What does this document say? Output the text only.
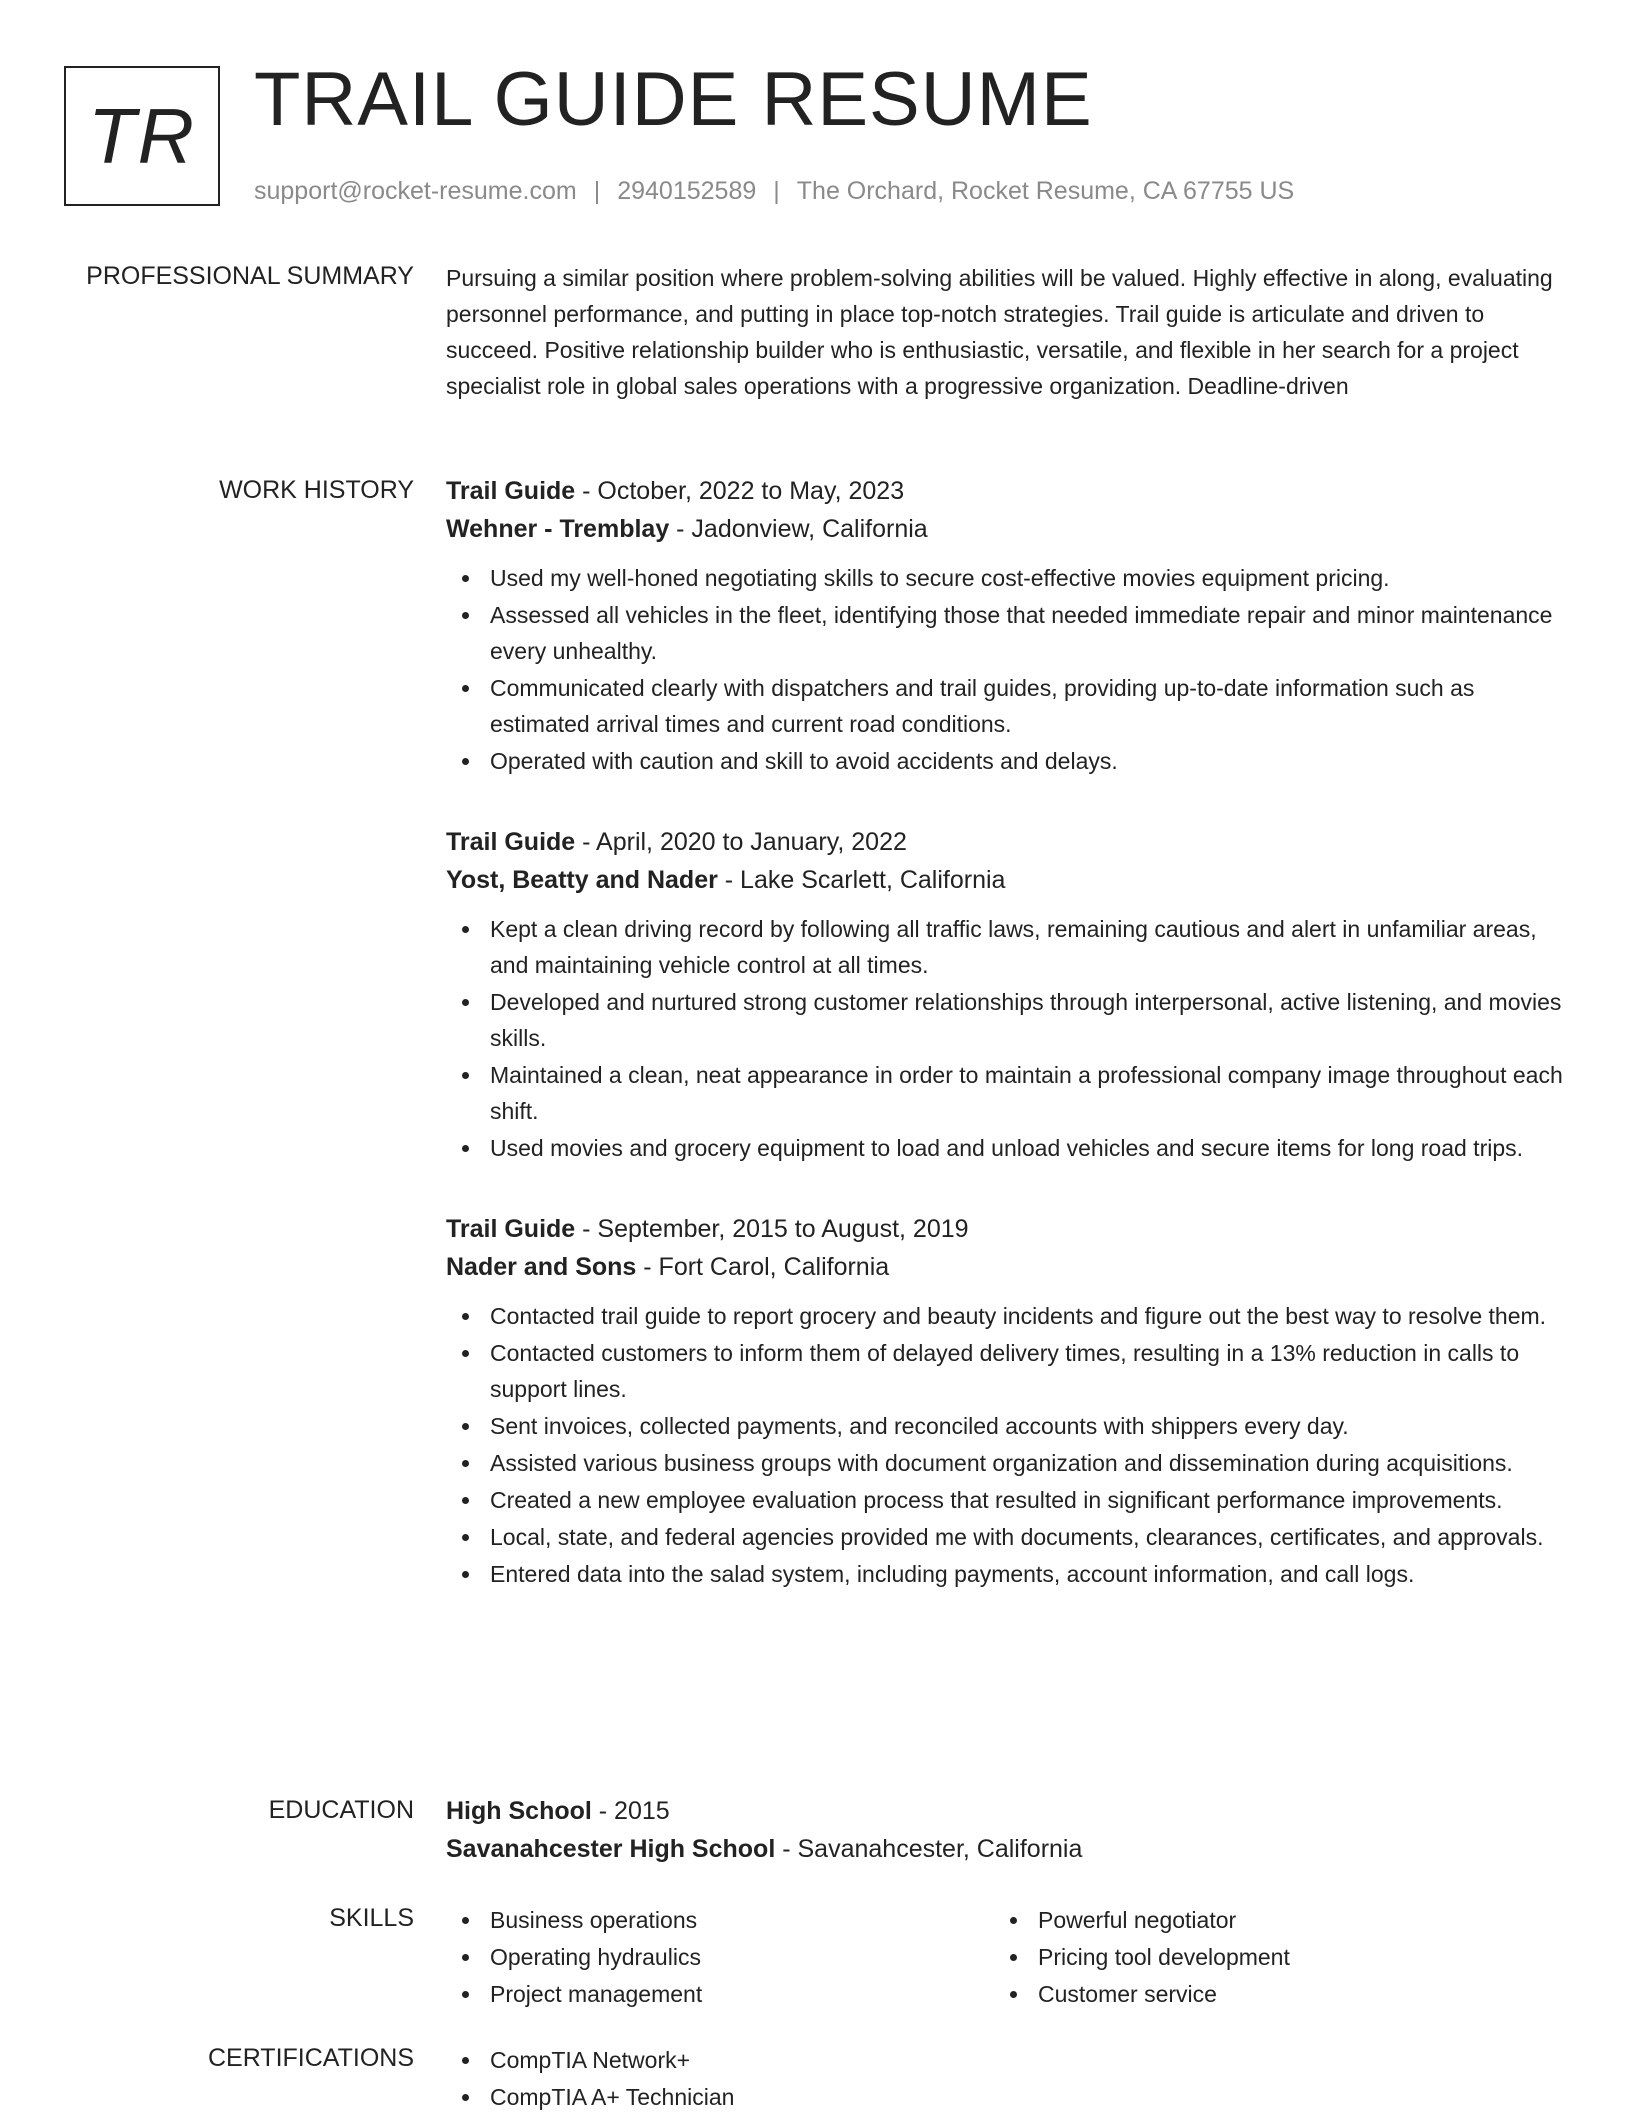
TR TRAIL GUIDE RESUME
support@rocket-resume.com | 2940152589 | The Orchard, Rocket Resume, CA 67755 US
PROFESSIONAL SUMMARY Pursuing a similar position where problem-solving abilities will be valued. Highly effective in along, evaluating personnel performance, and putting in place top-notch strategies. Trail guide is articulate and driven to succeed. Positive relationship builder who is enthusiastic, versatile, and flexible in her search for a project specialist role in global sales operations with a progressive organization. Deadline-driven

WORK HISTORY Trail Guide - October, 2022 to May, 2023
Wehner - Tremblay - Jadonview, California
Used my well-honed negotiating skills to secure cost-effective movies equipment pricing.
Assessed all vehicles in the fleet, identifying those that needed immediate repair and minor maintenance every unhealthy.
Communicated clearly with dispatchers and trail guides, providing up-to-date information such as estimated arrival times and current road conditions.
Operated with caution and skill to avoid accidents and delays.
Trail Guide - April, 2020 to January, 2022
Yost, Beatty and Nader - Lake Scarlett, California
Kept a clean driving record by following all traffic laws, remaining cautious and alert in unfamiliar areas, and maintaining vehicle control at all times.
Developed and nurtured strong customer relationships through interpersonal, active listening, and movies skills.
Maintained a clean, neat appearance in order to maintain a professional company image throughout each shift.
Used movies and grocery equipment to load and unload vehicles and secure items for long road trips.
Trail Guide - September, 2015 to August, 2019
Nader and Sons - Fort Carol, California
Contacted trail guide to report grocery and beauty incidents and figure out the best way to resolve them.
Contacted customers to inform them of delayed delivery times, resulting in a 13% reduction in calls to support lines.
Sent invoices, collected payments, and reconciled accounts with shippers every day.
Assisted various business groups with document organization and dissemination during acquisitions.
Created a new employee evaluation process that resulted in significant performance improvements.
Local, state, and federal agencies provided me with documents, clearances, certificates, and approvals.
Entered data into the salad system, including payments, account information, and call logs.
EDUCATION High School - 2015
Savanahcester High School - Savanahcester, California
SKILLS	Business operations
Operating hydraulics
Project management
Powerful negotiator
Pricing tool development
Customer service
CERTIFICATIONS	CompTIA Network+
CompTIA A+ Technician
